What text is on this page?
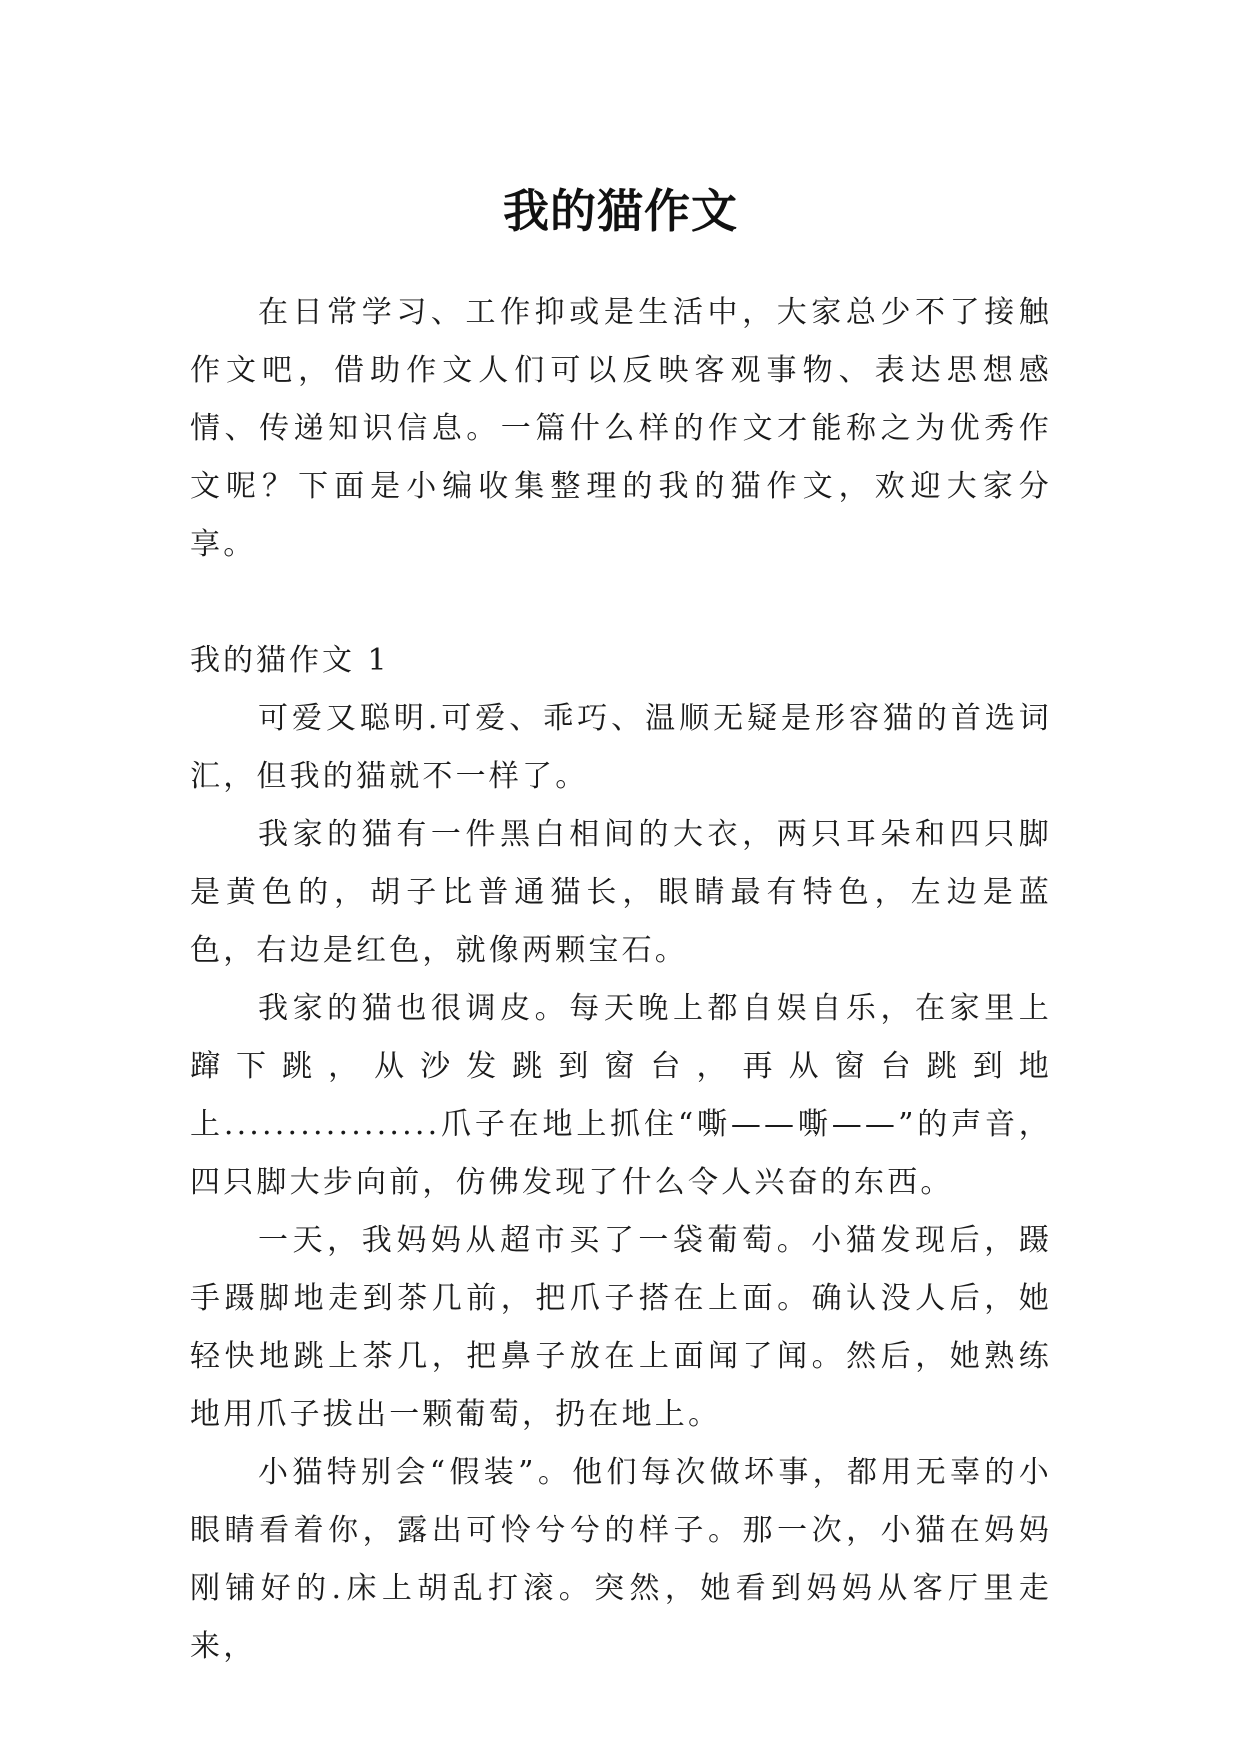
我的猫作文

在日常学习、工作抑或是生活中，大家总少不了接触作文吧，借助作文人们可以反映客观事物、表达思想感情、传递知识信息。一篇什么样的作文才能称之为优秀作文呢？下面是小编收集整理的我的猫作文，欢迎大家分享。

我的猫作文 1

可爱又聪明.可爱、乖巧、温顺无疑是形容猫的首选词汇，但我的猫就不一样了。

我家的猫有一件黑白相间的大衣，两只耳朵和四只脚是黄色的，胡子比普通猫长，眼睛最有特色，左边是蓝色，右边是红色，就像两颗宝石。

我家的猫也很调皮。每天晚上都自娱自乐，在家里上蹿下跳，从沙发跳到窗台，再从窗台跳到地上.................爪子在地上抓住“嘶——嘶——”的声音，四只脚大步向前，仿佛发现了什么令人兴奋的东西。

一天，我妈妈从超市买了一袋葡萄。小猫发现后，蹑手蹑脚地走到茶几前，把爪子搭在上面。确认没人后，她轻快地跳上茶几，把鼻子放在上面闻了闻。然后，她熟练地用爪子拔出一颗葡萄，扔在地上。

小猫特别会“假装”。他们每次做坏事，都用无辜的小眼睛看着你，露出可怜兮兮的样子。那一次，小猫在妈妈刚铺好的.床上胡乱打滚。突然，她看到妈妈从客厅里走来，
